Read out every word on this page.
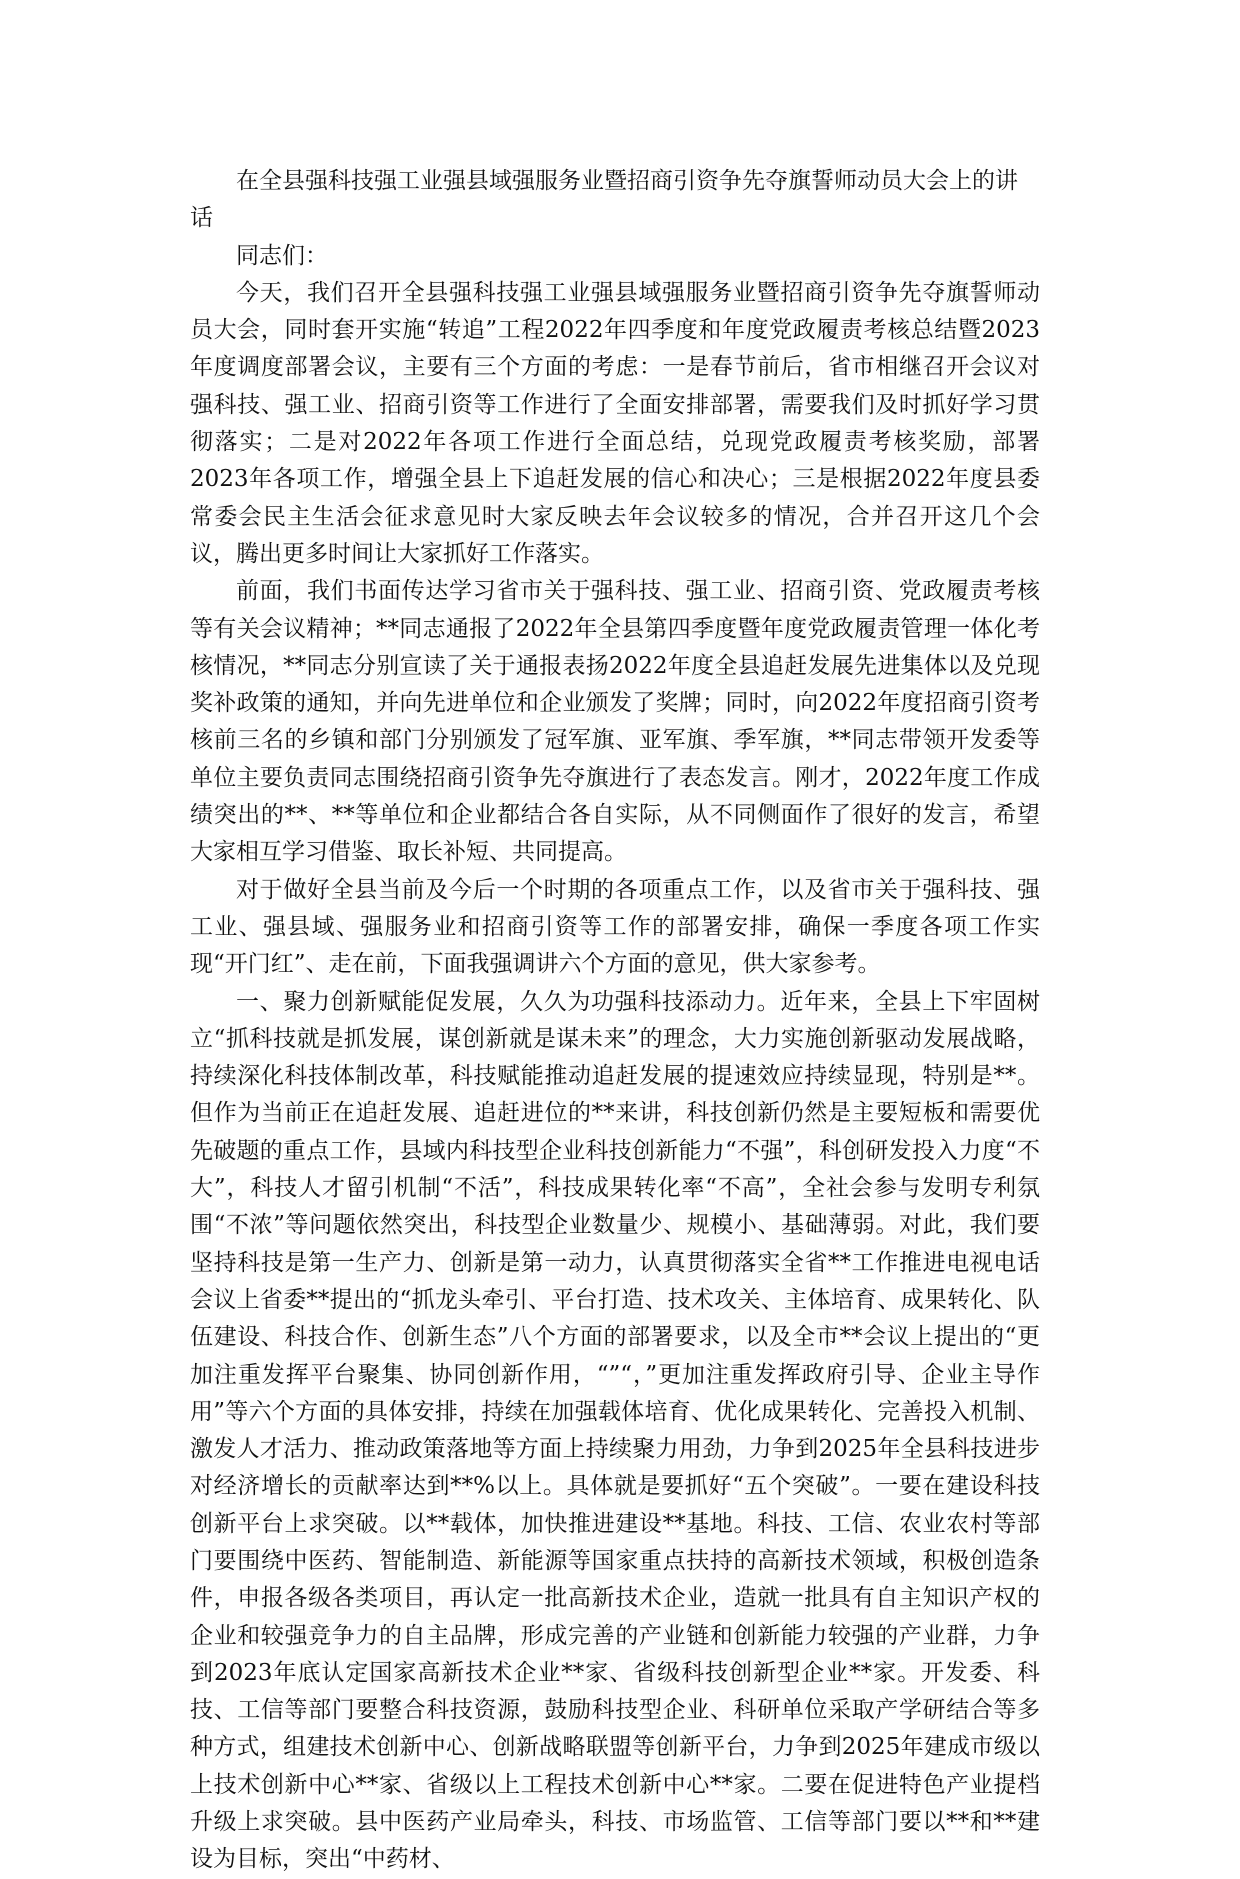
在全县强科技强工业强县域强服务业暨招商引资争先夺旗誓师动员大会上的讲话

同志们：

今天，我们召开全县强科技强工业强县域强服务业暨招商引资争先夺旗誓师动员大会，同时套开实施“转追”工程2022年四季度和年度党政履责考核总结暨2023年度调度部署会议，主要有三个方面的考虑：一是春节前后，省市相继召开会议对强科技、强工业、招商引资等工作进行了全面安排部署，需要我们及时抓好学习贯彻落实；二是对2022年各项工作进行全面总结，兑现党政履责考核奖励，部署2023年各项工作，增强全县上下追赶发展的信心和决心；三是根据2022年度县委常委会民主生活会征求意见时大家反映去年会议较多的情况，合并召开这几个会议，腾出更多时间让大家抓好工作落实。

前面，我们书面传达学习省市关于强科技、强工业、招商引资、党政履责考核等有关会议精神；**同志通报了2022年全县第四季度暨年度党政履责管理一体化考核情况，**同志分别宣读了关于通报表扬2022年度全县追赶发展先进集体以及兑现奖补政策的通知，并向先进单位和企业颁发了奖牌；同时，向2022年度招商引资考核前三名的乡镇和部门分别颁发了冠军旗、亚军旗、季军旗，**同志带领开发委等单位主要负责同志围绕招商引资争先夺旗进行了表态发言。刚才，2022年度工作成绩突出的**、**等单位和企业都结合各自实际，从不同侧面作了很好的发言，希望大家相互学习借鉴、取长补短、共同提高。

对于做好全县当前及今后一个时期的各项重点工作，以及省市关于强科技、强工业、强县域、强服务业和招商引资等工作的部署安排，确保一季度各项工作实现“开门红”、走在前，下面我强调讲六个方面的意见，供大家参考。

一、聚力创新赋能促发展，久久为功强科技添动力。近年来，全县上下牢固树立“抓科技就是抓发展，谋创新就是谋未来”的理念，大力实施创新驱动发展战略，持续深化科技体制改革，科技赋能推动追赶发展的提速效应持续显现，特别是**。但作为当前正在追赶发展、追赶进位的**来讲，科技创新仍然是主要短板和需要优先破题的重点工作，县域内科技型企业科技创新能力“不强”，科创研发投入力度“不大”，科技人才留引机制“不活”，科技成果转化率“不高”，全社会参与发明专利氛围“不浓”等问题依然突出，科技型企业数量少、规模小、基础薄弱。对此，我们要坚持科技是第一生产力、创新是第一动力，认真贯彻落实全省**工作推进电视电话会议上省委**提出的“抓龙头牵引、平台打造、技术攻关、主体培育、成果转化、队伍建设、科技合作、创新生态”八个方面的部署要求，以及全市**会议上提出的“更加注重发挥平台聚集、协同创新作用，“”“，”更加注重发挥政府引导、企业主导作用”等六个方面的具体安排，持续在加强载体培育、优化成果转化、完善投入机制、激发人才活力、推动政策落地等方面上持续聚力用劲，力争到2025年全县科技进步对经济增长的贡献率达到**%以上。具体就是要抓好“五个突破”。一要在建设科技创新平台上求突破。以**载体，加快推进建设**基地。科技、工信、农业农村等部门要围绕中医药、智能制造、新能源等国家重点扶持的高新技术领域，积极创造条件，申报各级各类项目，再认定一批高新技术企业，造就一批具有自主知识产权的企业和较强竞争力的自主品牌，形成完善的产业链和创新能力较强的产业群，力争到2023年底认定国家高新技术企业**家、省级科技创新型企业**家。开发委、科技、工信等部门要整合科技资源，鼓励科技型企业、科研单位采取产学研结合等多种方式，组建技术创新中心、创新战略联盟等创新平台，力争到2025年建成市级以上技术创新中心**家、省级以上工程技术创新中心**家。二要在促进特色产业提档升级上求突破。县中医药产业局牵头，科技、市场监管、工信等部门要以**和**建设为目标，突出“中药材、
